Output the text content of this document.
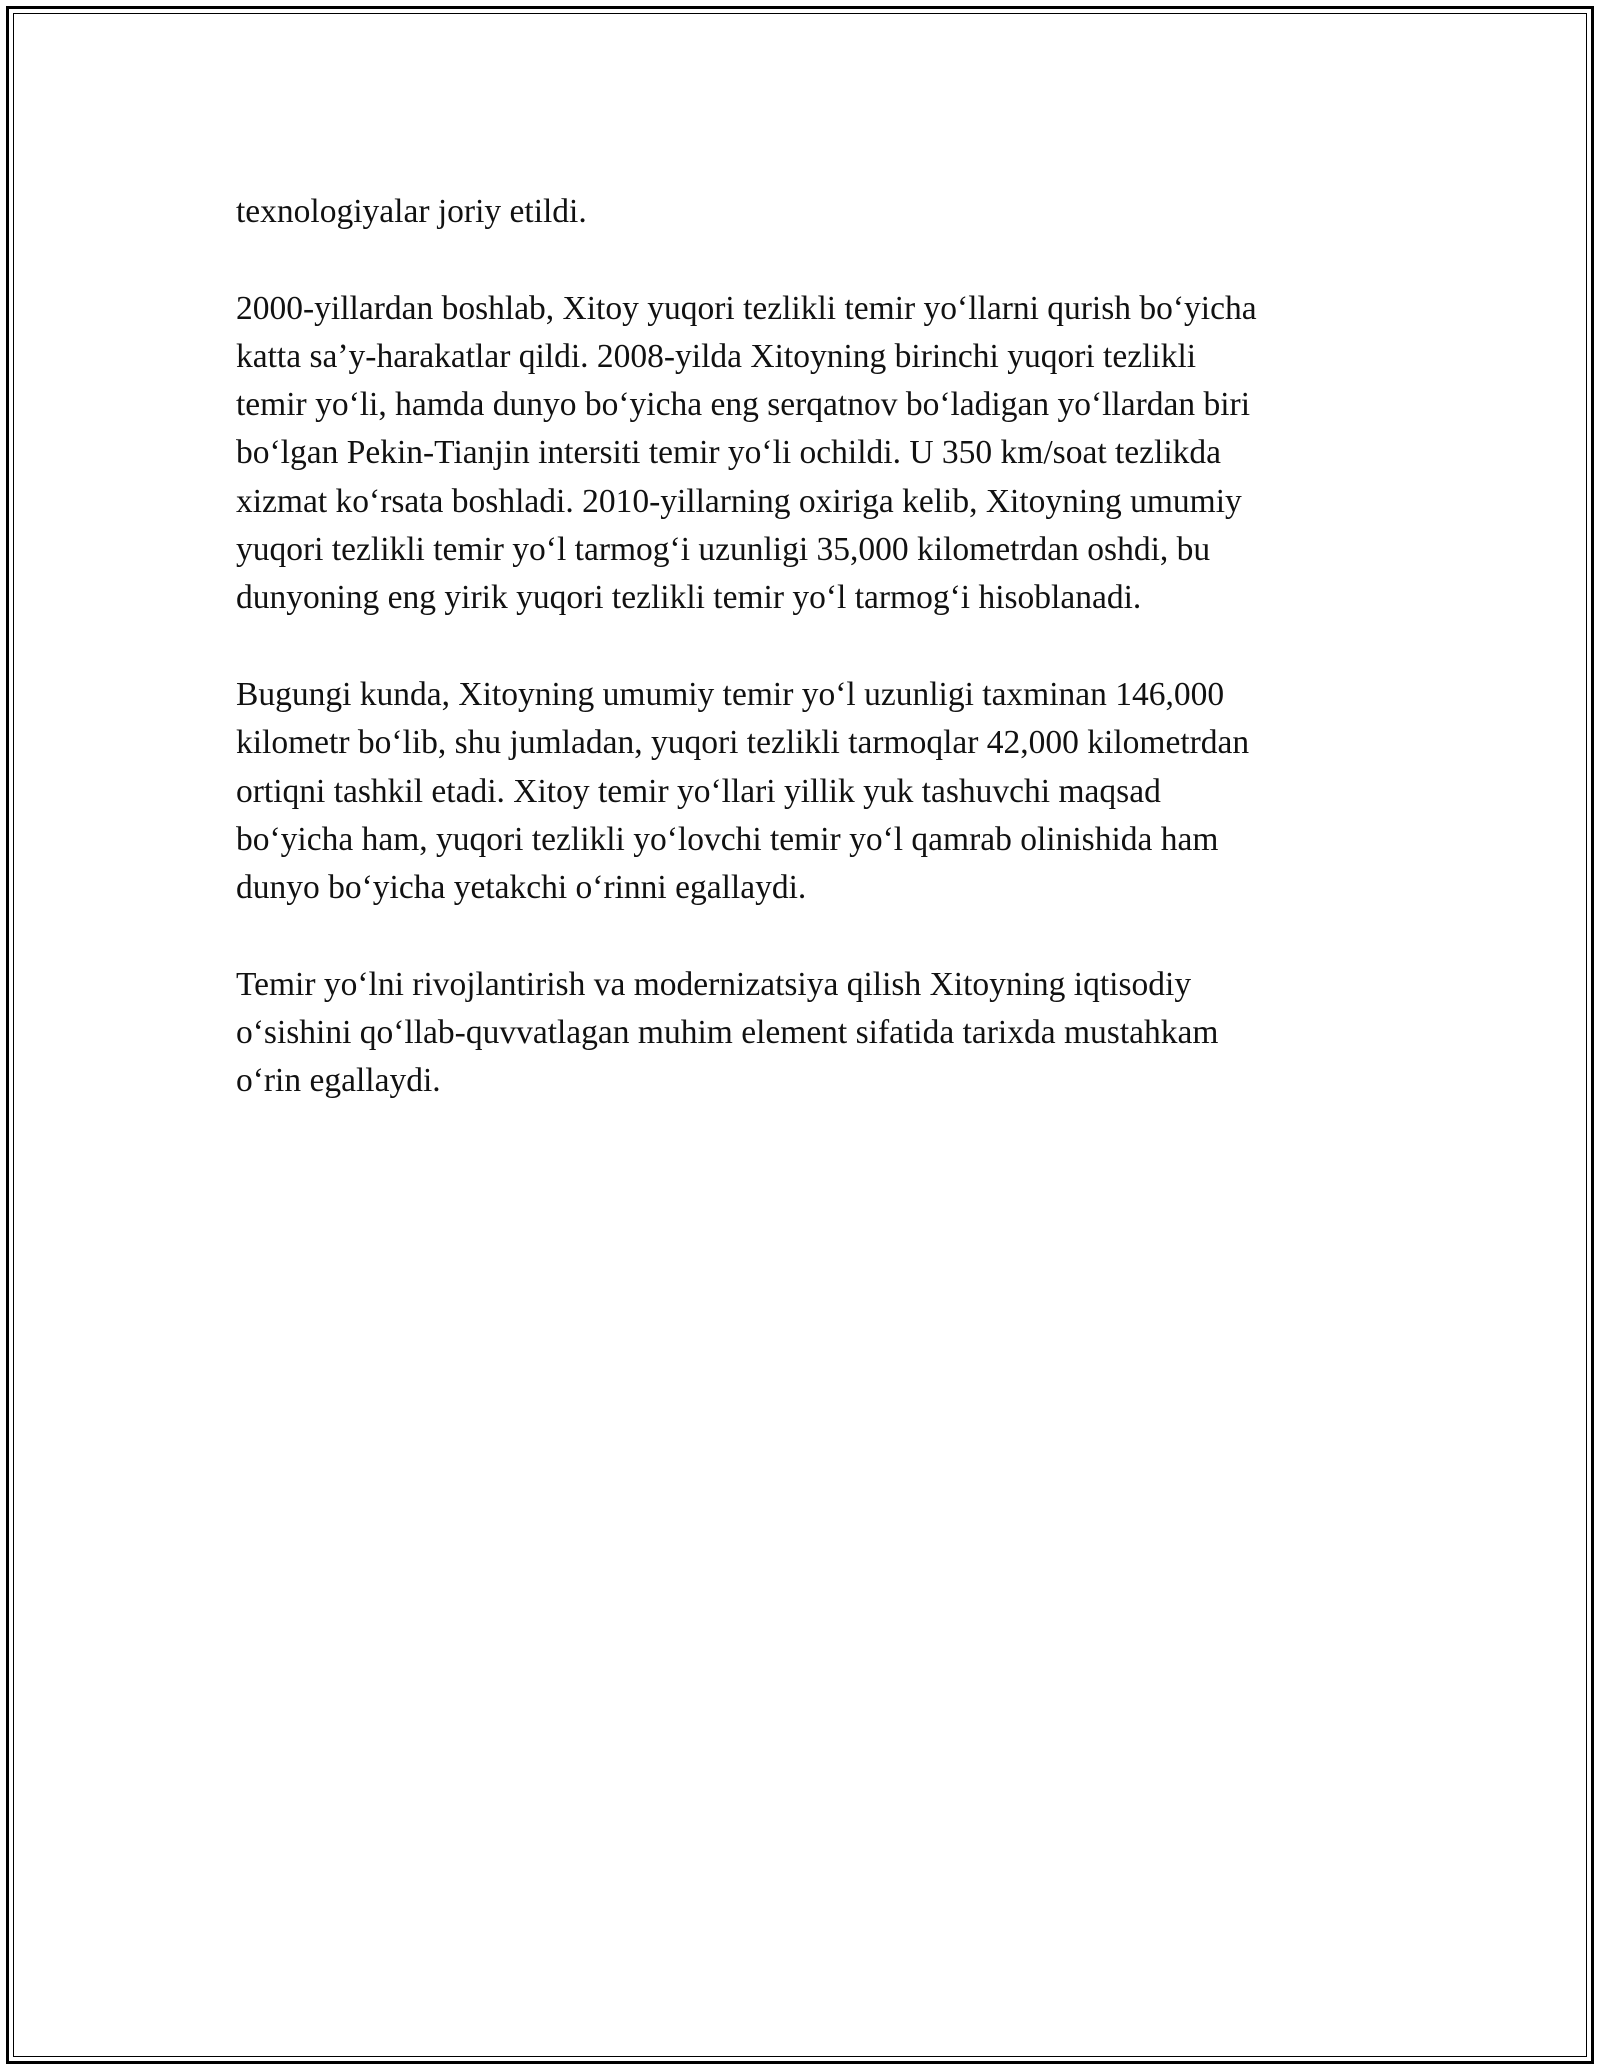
texnologiyalar joriy etildi.

2000-yillardan boshlab, Xitoy yuqori tezlikli temir yoʻllarni qurish boʻyicha
katta saʼy-harakatlar qildi. 2008-yilda Xitoyning birinchi yuqori tezlikli
temir yoʻli, hamda dunyo boʻyicha eng serqatnov boʻladigan yoʻllardan biri
boʻlgan Pekin-Tianjin intersiti temir yoʻli ochildi. U 350 km/soat tezlikda
xizmat koʻrsata boshladi. 2010-yillarning oxiriga kelib, Xitoyning umumiy
yuqori tezlikli temir yoʻl tarmogʻi uzunligi 35,000 kilometrdan oshdi, bu
dunyoning eng yirik yuqori tezlikli temir yoʻl tarmogʻi hisoblanadi.

Bugungi kunda, Xitoyning umumiy temir yoʻl uzunligi taxminan 146,000
kilometr boʻlib, shu jumladan, yuqori tezlikli tarmoqlar 42,000 kilometrdan
ortiqni tashkil etadi. Xitoy temir yoʻllari yillik yuk tashuvchi maqsad
boʻyicha ham, yuqori tezlikli yoʻlovchi temir yoʻl qamrab olinishida ham
dunyo boʻyicha yetakchi oʻrinni egallaydi.

Temir yoʻlni rivojlantirish va modernizatsiya qilish Xitoyning iqtisodiy
oʻsishini qoʻllab-quvvatlagan muhim element sifatida tarixda mustahkam
oʻrin egallaydi.
